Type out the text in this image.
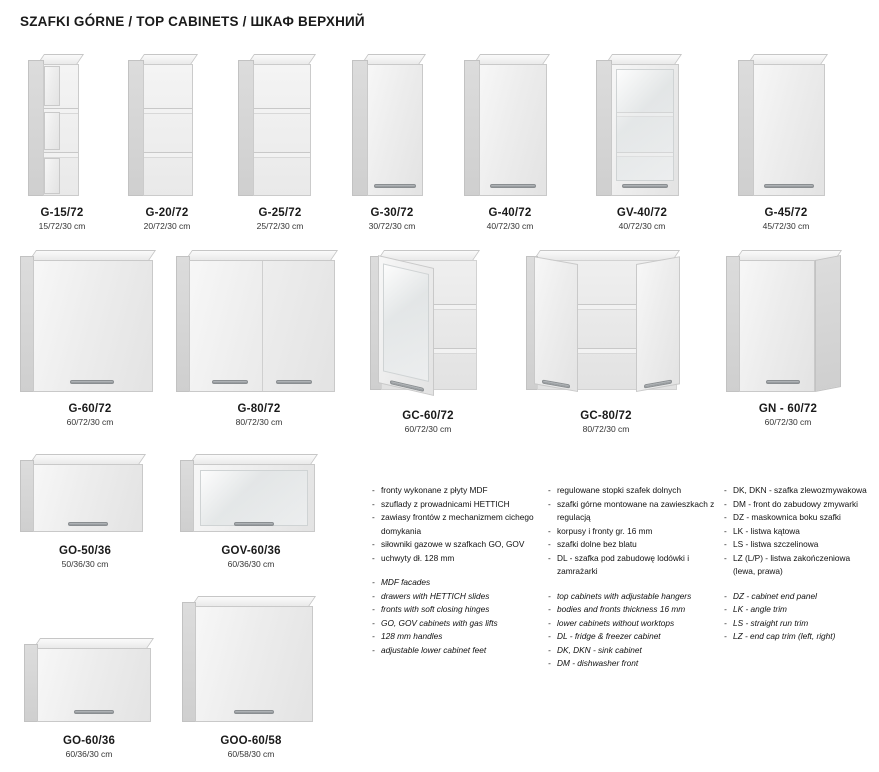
SZAFKI GÓRNE / TOP CABINETS / ШКАФ ВЕРХНИЙ
G-15/72
15/72/30 cm
G-20/72
20/72/30 cm
G-25/72
25/72/30 cm
G-30/72
30/72/30 cm
G-40/72
40/72/30 cm
GV-40/72
40/72/30 cm
G-45/72
45/72/30 cm
G-60/72
60/72/30 cm
G-80/72
80/72/30 cm	GC-60/72
60/72/30 cm
GC-80/72
80/72/30 cm
GN - 60/72
60/72/30 cm
GO-50/36
50/36/30 cm
GOV-60/36
60/36/30 cm
GO-60/36
60/36/30 cm
GOO-60/58
60/58/30 cm
- fronty wykonane z płyty MDF
- szuflady z prowadnicami HETTICH
- zawiasy frontów z mechanizmem cichego domykania
- siłowniki gazowe w szafkach GO, GOV
- uchwyty dł. 128 mm
- MDF facades
- drawers with HETTICH slides
- fronts with soft closing hinges
- GO, GOV cabinets with gas lifts
- 128 mm handles
- adjustable lower cabinet feet
- regulowane stopki szafek dolnych
- szafki górne montowane na zawieszkach z regulacją
- korpusy i fronty gr. 16 mm
- szafki dolne bez blatu
- DL - szafka pod zabudowę lodówki i zamrażarki
- top cabinets with adjustable hangers
- bodies and fronts thickness 16 mm
- lower cabinets without worktops
- DL - fridge & freezer cabinet
- DK, DKN - sink cabinet
- DM - dishwasher front
- DK, DKN - szafka zlewozmywakowa
- DM - front do zabudowy zmywarki
- DZ - maskownica boku szafki
- LK - listwa kątowa
- LS - listwa szczelinowa
- LZ (L/P) - listwa zakończeniowa (lewa, prawa)
- DZ - cabinet end panel
- LK - angle trim
- LS - straight run trim
- LZ - end cap trim (left, right)
